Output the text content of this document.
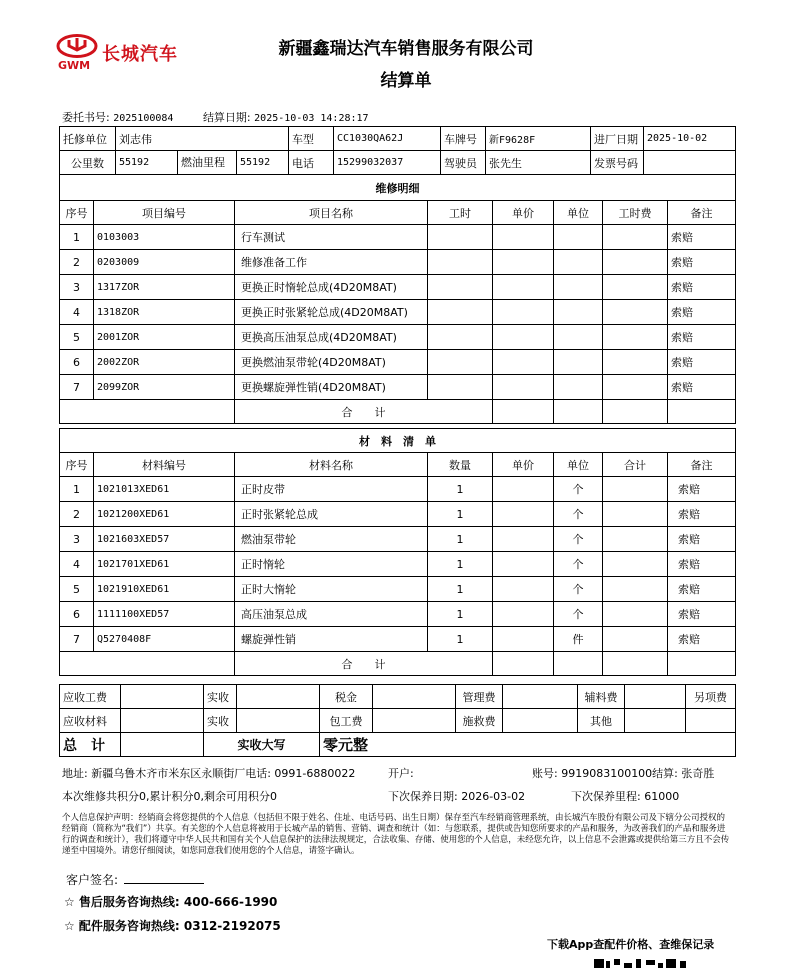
GWM
长城汽车	新疆鑫瑞达汽车销售服务有限公司
结算单
委托书号: 2025100084	结算日期: 2025-10-03 14:28:17
托修单位	刘志伟	车型	CC1030QA62J	车牌号	新F9628F	进厂日期	2025-10-02
公里数	55192 燃油里程 55192	电话	15299032037	驾驶员	张先生	发票号码	
维修明细							
序号	项目编号	项目名称	工时	单价	单位	工时费	备注
1	0103003	行车测试					索赔
2	0203009	维修准备工作					索赔
3	1317ZOR	更换正时惰轮总成(4D20M8AT)					索赔
4	1318ZOR	更换正时张紧轮总成(4D20M8AT)					索赔
5	2001ZOR	更换高压油泵总成(4D20M8AT)					索赔
6	2002ZOR	更换燃油泵带轮(4D20M8AT)					索赔
7	2099ZOR	更换螺旋弹性销(4D20M8AT)					索赔
		合　　计					
材　料　清　单							
序号	材料编号	材料名称	数量	单价	单位	合计	备注
1	1021013XED61	正时皮带	1		个		索赔
2	1021200XED61	正时张紧轮总成	1		个		索赔
3	1021603XED57	燃油泵带轮	1		个		索赔
4	1021701XED61	正时惰轮	1		个		索赔
5	1021910XED61	正时大惰轮	1		个		索赔
6	1111100XED57	高压油泵总成	1		个		索赔
7	Q5270408F	螺旋弹性销	1		件		索赔
		合　　计					
应收工费		实收		税金		管理费		辅料费		另项费
应收材料		实收		包工费		施救费		其他		
总　计		实收大写		零元整						
地址: 新疆乌鲁木齐市米东区永顺街厂电话: 0991-6880022	开户:	账号: 9919083100100结算: 张奇胜
本次维修共积分0,累计积分0,剩余可用积分0	下次保养日期: 2026-03-02	下次保养里程: 61000
个人信息保护声明：经销商会将您提供的个人信息（包括但不限于姓名、住址、电话号码、出生日期）保存至汽车经销商管理系统，由长城汽车股份有限公司及下辖分公司授权的经销商（简称为“我们”）共享。有关您的个人信息将被用于长城产品的销售、营销、调查和统计（如：与您联系，提供或告知您所要求的产品和服务，为改善我们的产品和服务进行的调查和统计），我们将遵守中华人民共和国有关个人信息保护的法律法规规定，合法收集、存储、使用您的个人信息，未经您允许，以上信息不会泄露或提供给第三方且不会传递至中国境外。请您仔细阅读，如您同意我们使用您的个人信息，请签字确认。
客户签名:
☆ 售后服务咨询热线: 400-666-1990
☆ 配件服务咨询热线: 0312-2192075
下载App查配件价格、查维保记录
